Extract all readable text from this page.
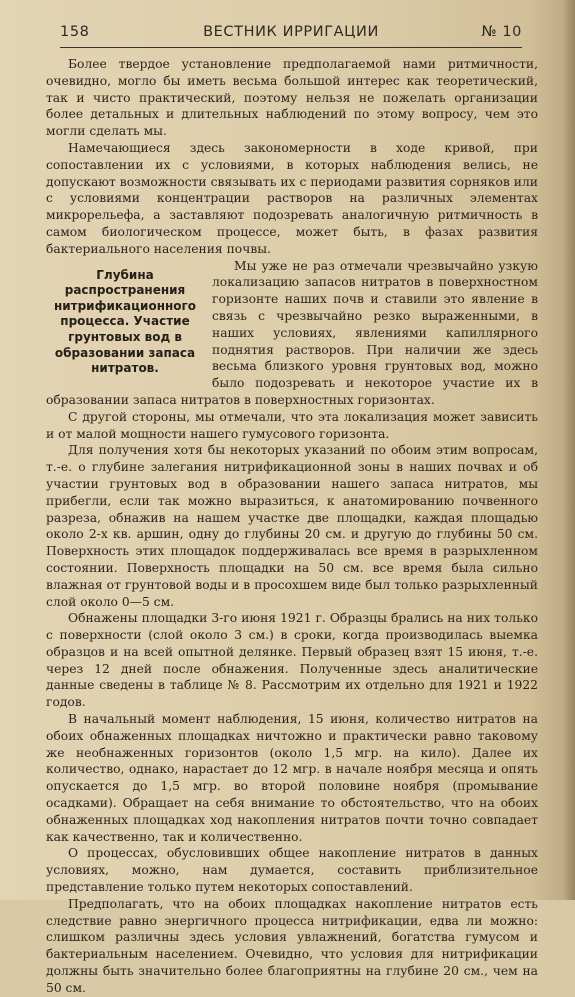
158	ВЕСТНИК ИРРИГАЦИИ	№ 10

Более твердое установление предполагаемой нами ритмичности, очевидно, могло бы иметь весьма большой интерес как теоретический, так и чисто практический, поэтому нельзя не пожелать организации более детальных и длительных наблюдений по этому вопросу, чем это могли сделать мы.

Намечающиеся здесь закономерности в ходе кривой, при сопоставлении их с условиями, в которых наблюдения велись, не допускают возможности связывать их с периодами развития сорняков или с условиями концентрации растворов на различных элементах микрорельефа, а заставляют подозревать аналогичную ритмичность в самом биологическом процессе, может быть, в фазах развития бактериального населения почвы.

Глубина распространения нитрификационного процесса. Участие грунтовых вод в образовании запаса нитратов.

Мы уже не раз отмечали чрезвычайно узкую локализацию запасов нитратов в поверхностном горизонте наших почв и ставили это явление в связь с чрезвычайно резко выраженными, в наших условиях, явлениями капиллярного поднятия растворов. При наличии же здесь весьма близкого уровня грунтовых вод, можно было подозревать и некоторое участие их в образовании запаса нитратов в поверхностных горизонтах.

С другой стороны, мы отмечали, что эта локализация может зависить и от малой мощности нашего гумусового горизонта.

Для получения хотя бы некоторых указаний по обоим этим вопросам, т.-е. о глубине залегания нитрификационной зоны в наших почвах и об участии грунтовых вод в образовании нашего запаса нитратов, мы прибегли, если так можно выразиться, к анатомированию почвенного разреза, обнажив на нашем участке две площадки, каждая площадью около 2-х кв. аршин, одну до глубины 20 см. и другую до глубины 50 см. Поверхность этих площадок поддерживалась все время в разрыхленном состоянии. Поверхность площадки на 50 см. все время была сильно влажная от грунтовой воды и в просохшем виде был только разрыхленный слой около 0—5 см.

Обнажены площадки 3-го июня 1921 г. Образцы брались на них только с поверхности (слой около 3 см.) в сроки, когда производилась выемка образцов и на всей опытной делянке. Первый образец взят 15 июня, т.-е. через 12 дней после обнажения. Полученные здесь аналитические данные сведены в таблице № 8. Рассмотрим их отдельно для 1921 и 1922 годов.

В начальный момент наблюдения, 15 июня, количество нитратов на обоих обнаженных площадках ничтожно и практически равно таковому же необнаженных горизонтов (около 1,5 мгр. на кило). Далее их количество, однако, нарастает до 12 мгр. в начале ноября месяца и опять опускается до 1,5 мгр. во второй половине ноября (промывание осадками). Обращает на себя внимание то обстоятельство, что на обоих обнаженных площадках ход накопления нитратов почти точно совпадает как качественно, так и количественно.

О процессах, обусловивших общее накопление нитратов в данных условиях, можно, нам думается, составить приблизительное представление только путем некоторых сопоставлений.

Предполагать, что на обоих площадках накопление нитратов есть следствие равно энергичного процесса нитрификации, едва ли можно: слишком различны здесь условия увлажнений, богатства гумусом и бактериальным населением. Очевидно, что условия для нитрификации должны быть значительно более благоприятны на глубине 20 см., чем на 50 см.
